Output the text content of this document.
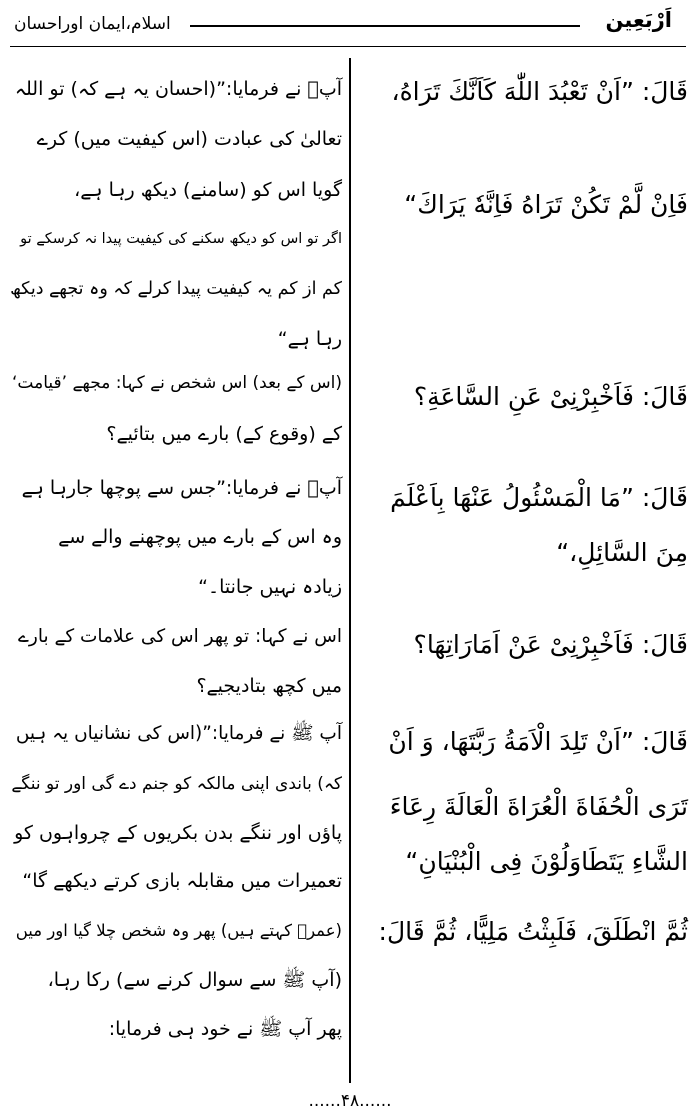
اسلام،ایمان اوراحسان	اَرْبَعِین
قَالَ: ”اَنْ تَعْبُدَ اللّٰهَ كَاَنَّكَ تَرَاهُ،
فَاِنْ لَّمْ تَكُنْ تَرَاهُ فَاِنَّهٗ يَرَاكَ“
قَالَ: فَاَخْبِرْنِیْ عَنِ السَّاعَةِ؟
قَالَ: ”مَا الْمَسْئُولُ عَنْهَا بِاَعْلَمَ
مِنَ السَّائِلِ،“
قَالَ: فَاَخْبِرْنِیْ عَنْ اَمَارَاتِهَا؟
قَالَ: ”اَنْ تَلِدَ الْاَمَةُ رَبَّتَهَا، وَ اَنْ
تَرَى الْحُفَاةَ الْعُرَاةَ الْعَالَةَ رِعَاءَ
الشَّاءِ يَتَطَاوَلُوْنَ فِی الْبُنْيَانِ“
ثُمَّ انْطَلَقَ، فَلَبِثْتُ مَلِيًّا، ثُمَّ قَالَ:
آپؐ نے فرمایا:”(احسان یہ ہے کہ) تو اللہ
تعالیٰ کی عبادت (اس کیفیت میں) کرے
گویا اس کو (سامنے) دیکھ رہا ہے،
اگر تو اس کو دیکھ سکنے کی کیفیت پیدا نہ کرسکے تو
کم از کم یہ کیفیت پیدا کرلے کہ وہ تجھے دیکھ
رہا ہے“
(اس کے بعد) اس شخص نے کہا: مجھے ’قیامت‘
کے (وقوع کے) بارے میں بتائیے؟
آپؐ نے فرمایا:”جس سے پوچھا جارہا ہے
وہ اس کے بارے میں پوچھنے والے سے
زیادہ نہیں جانتا۔“
اس نے کہا: تو پھر اس کی علامات کے بارے
میں کچھ بتادیجیے؟
آپ ﷺ نے فرمایا:”(اس کی نشانیاں یہ ہیں
کہ) باندی اپنی مالکہ کو جنم دے گی اور تو ننگے
پاؤں اور ننگے بدن بکریوں کے چرواہوں کو
تعمیرات میں مقابلہ بازی کرتے دیکھے گا“
(عمرؓ کہتے ہیں) پھر وہ شخص چلا گیا اور میں
(آپ ﷺ سے سوال کرنے سے) رکا رہا،
پھر آپ ﷺ نے خود ہی فرمایا:
......۴۸......
